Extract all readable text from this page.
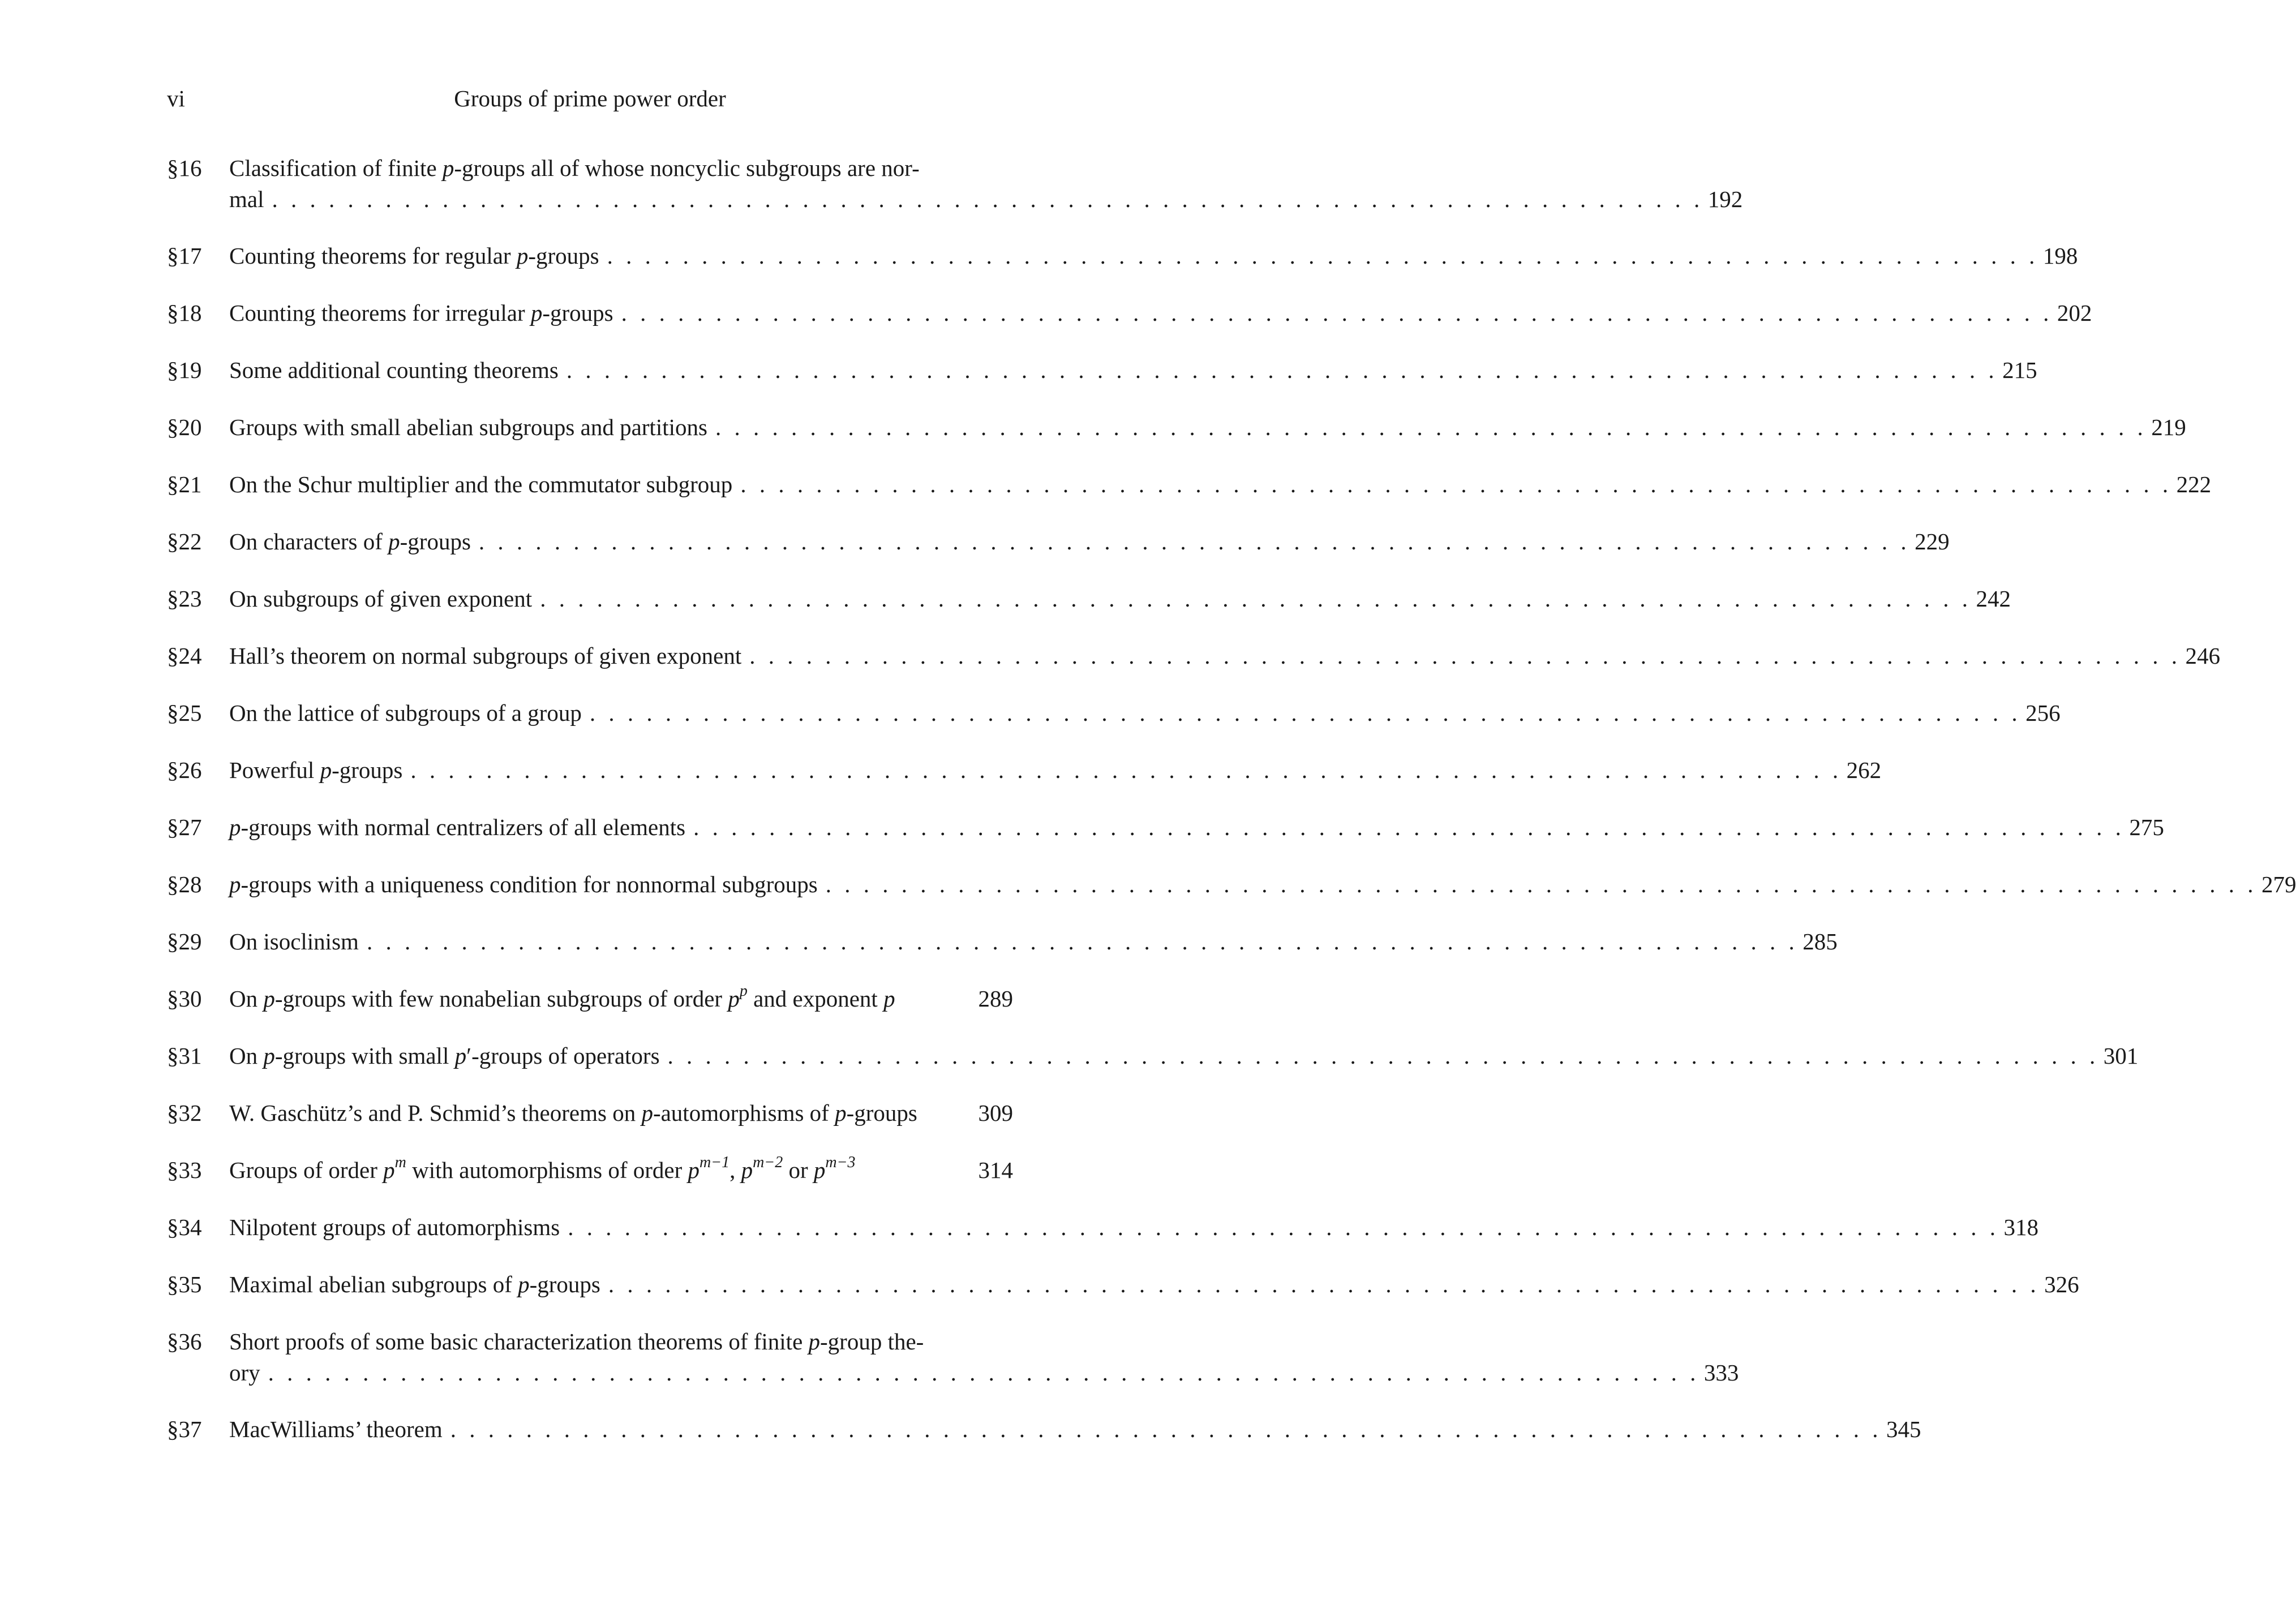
vi	Groups of prime power order
§16	Classification of finite p-groups all of whose noncyclic subgroups are nor-
mal . . . . . . . . . . . . . . . . . . . . . . . . . . . . . . . . . . . . . . . . . . . . . . . . . . . . . . . . . . . . . . . . . . . . . . . . . . . . 192
§17	Counting theorems for regular p-groups . . . . . . . . . . . . . . . . . . . . . . . . . . . . . . . . . . . . . . . . . . . . . . . . . . . . . . . . . . . . . . . . . . . . . . . . . . . . 198
§18	Counting theorems for irregular p-groups . . . . . . . . . . . . . . . . . . . . . . . . . . . . . . . . . . . . . . . . . . . . . . . . . . . . . . . . . . . . . . . . . . . . . . . . . . . . 202
§19	Some additional counting theorems . . . . . . . . . . . . . . . . . . . . . . . . . . . . . . . . . . . . . . . . . . . . . . . . . . . . . . . . . . . . . . . . . . . . . . . . . . . . 215
§20	Groups with small abelian subgroups and partitions . . . . . . . . . . . . . . . . . . . . . . . . . . . . . . . . . . . . . . . . . . . . . . . . . . . . . . . . . . . . . . . . . . . . . . . . . . . . 219
§21	On the Schur multiplier and the commutator subgroup . . . . . . . . . . . . . . . . . . . . . . . . . . . . . . . . . . . . . . . . . . . . . . . . . . . . . . . . . . . . . . . . . . . . . . . . . . . . 222
§22	On characters of p-groups . . . . . . . . . . . . . . . . . . . . . . . . . . . . . . . . . . . . . . . . . . . . . . . . . . . . . . . . . . . . . . . . . . . . . . . . . . . . 229
§23	On subgroups of given exponent . . . . . . . . . . . . . . . . . . . . . . . . . . . . . . . . . . . . . . . . . . . . . . . . . . . . . . . . . . . . . . . . . . . . . . . . . . . . 242
§24	Hall’s theorem on normal subgroups of given exponent . . . . . . . . . . . . . . . . . . . . . . . . . . . . . . . . . . . . . . . . . . . . . . . . . . . . . . . . . . . . . . . . . . . . . . . . . . . . 246
§25	On the lattice of subgroups of a group . . . . . . . . . . . . . . . . . . . . . . . . . . . . . . . . . . . . . . . . . . . . . . . . . . . . . . . . . . . . . . . . . . . . . . . . . . . . 256
§26	Powerful p-groups . . . . . . . . . . . . . . . . . . . . . . . . . . . . . . . . . . . . . . . . . . . . . . . . . . . . . . . . . . . . . . . . . . . . . . . . . . . . 262
§27	p-groups with normal centralizers of all elements . . . . . . . . . . . . . . . . . . . . . . . . . . . . . . . . . . . . . . . . . . . . . . . . . . . . . . . . . . . . . . . . . . . . . . . . . . . . 275
§28	p-groups with a uniqueness condition for nonnormal subgroups . . . . . . . . . . . . . . . . . . . . . . . . . . . . . . . . . . . . . . . . . . . . . . . . . . . . . . . . . . . . . . . . . . . . . . . . . . . . 279
§29	On isoclinism . . . . . . . . . . . . . . . . . . . . . . . . . . . . . . . . . . . . . . . . . . . . . . . . . . . . . . . . . . . . . . . . . . . . . . . . . . . . 285
§30	On p-groups with few nonabelian subgroups of order $p^p$ and exponent p	289
§31	On p-groups with small p′-groups of operators . . . . . . . . . . . . . . . . . . . . . . . . . . . . . . . . . . . . . . . . . . . . . . . . . . . . . . . . . . . . . . . . . . . . . . . . . . . . 301
§32	W. Gaschütz’s and P. Schmid’s theorems on p-automorphisms of p-groups	309
§33	Groups of order $p^m$ with automorphisms of order $p^{m-1}$, $p^{m-2}$ or $p^{m-3}$	314
§34	Nilpotent groups of automorphisms . . . . . . . . . . . . . . . . . . . . . . . . . . . . . . . . . . . . . . . . . . . . . . . . . . . . . . . . . . . . . . . . . . . . . . . . . . . . 318
§35	Maximal abelian subgroups of p-groups . . . . . . . . . . . . . . . . . . . . . . . . . . . . . . . . . . . . . . . . . . . . . . . . . . . . . . . . . . . . . . . . . . . . . . . . . . . . 326
§36	Short proofs of some basic characterization theorems of finite p-group the-
ory . . . . . . . . . . . . . . . . . . . . . . . . . . . . . . . . . . . . . . . . . . . . . . . . . . . . . . . . . . . . . . . . . . . . . . . . . . . . 333
§37	MacWilliams’ theorem . . . . . . . . . . . . . . . . . . . . . . . . . . . . . . . . . . . . . . . . . . . . . . . . . . . . . . . . . . . . . . . . . . . . . . . . . . . . 345
